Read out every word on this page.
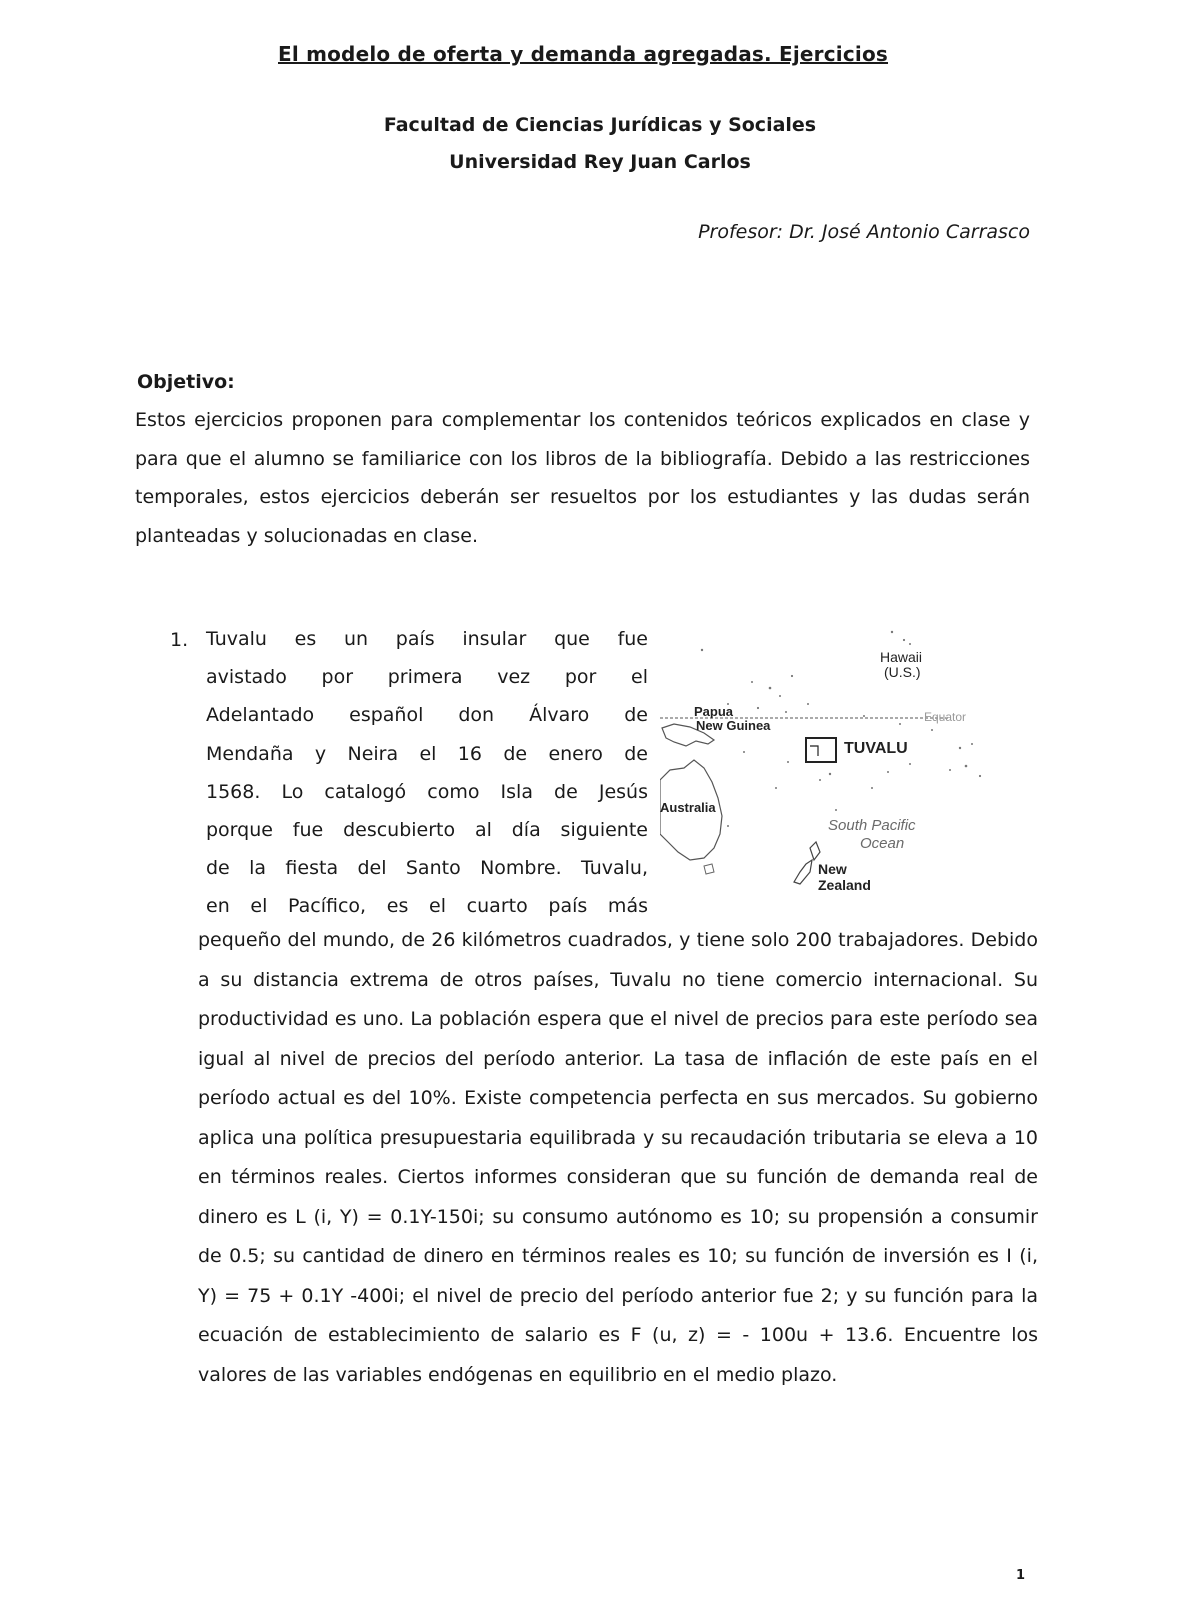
El modelo de oferta y demanda agregadas. Ejercicios
Facultad de Ciencias Jurídicas y Sociales
Universidad Rey Juan Carlos
Profesor: Dr. José Antonio Carrasco
Objetivo:
Estos ejercicios proponen para complementar los contenidos teóricos explicados en clase y para que el alumno se familiarice con los libros de la bibliografía. Debido a las restricciones temporales, estos ejercicios deberán ser resueltos por los estudiantes y las dudas serán planteadas y solucionadas en clase.
1. Tuvalu es un país insular que fue
avistado por primera vez por el
Adelantado español don Álvaro de
Mendaña y Neira el 16 de enero de
1568. Lo catalogó como Isla de Jesús
porque fue descubierto al día siguiente
de la fiesta del Santo Nombre. Tuvalu,
en el Pacífico, es el cuarto país más
Hawaii
(U.S.)
Papua
New Guinea
Equator
TUVALU
Australia
South Pacific
Ocean
New
Zealand
pequeño del mundo, de 26 kilómetros cuadrados, y tiene solo 200 trabajadores. Debido a su distancia extrema de otros países, Tuvalu no tiene comercio internacional. Su productividad es uno. La población espera que el nivel de precios para este período sea igual al nivel de precios del período anterior. La tasa de inflación de este país en el período actual es del 10%. Existe competencia perfecta en sus mercados. Su gobierno aplica una política presupuestaria equilibrada y su recaudación tributaria se eleva a 10 en términos reales. Ciertos informes consideran que su función de demanda real de dinero es L (i, Y) = 0.1Y-150i; su consumo autónomo es 10; su propensión a consumir de 0.5; su cantidad de dinero en términos reales es 10; su función de inversión es I (i, Y) = 75 + 0.1Y -400i; el nivel de precio del período anterior fue 2; y su función para la ecuación de establecimiento de salario es F (u, z) = - 100u + 13.6. Encuentre los valores de las variables endógenas en equilibrio en el medio plazo.
1
